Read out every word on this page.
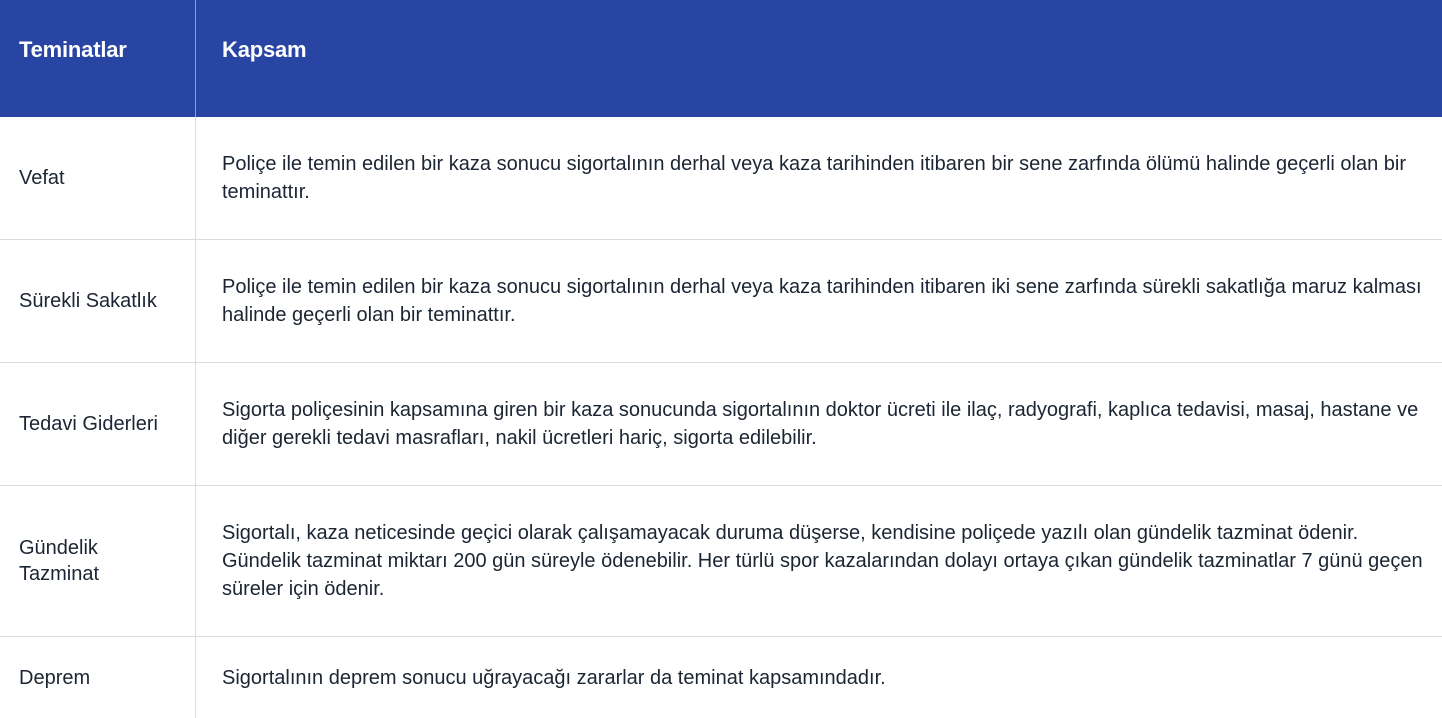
Teminatlar	Kapsam
Vefat
Poliçe ile temin edilen bir kaza sonucu sigortalının derhal veya kaza tarihinden itibaren bir sene zarfında ölümü halinde geçerli olan bir teminattır.
Sürekli Sakatlık
Poliçe ile temin edilen bir kaza sonucu sigortalının derhal veya kaza tarihinden itibaren iki sene zarfında sürekli sakatlığa maruz kalması halinde geçerli olan bir teminattır.
Tedavi Giderleri
Sigorta poliçesinin kapsamına giren bir kaza sonucunda sigortalının doktor ücreti ile ilaç, radyografi, kaplıca tedavisi, masaj, hastane ve diğer gerekli tedavi masrafları, nakil ücretleri hariç, sigorta edilebilir.
Gündelik Tazminat
Sigortalı, kaza neticesinde geçici olarak çalışamayacak duruma düşerse, kendisine poliçede yazılı olan gündelik tazminat ödenir. Gündelik tazminat miktarı 200 gün süreyle ödenebilir. Her türlü spor kazalarından dolayı ortaya çıkan gündelik tazminatlar 7 günü geçen süreler için ödenir.
Deprem	Sigortalının deprem sonucu uğrayacağı zararlar da teminat kapsamındadır.
